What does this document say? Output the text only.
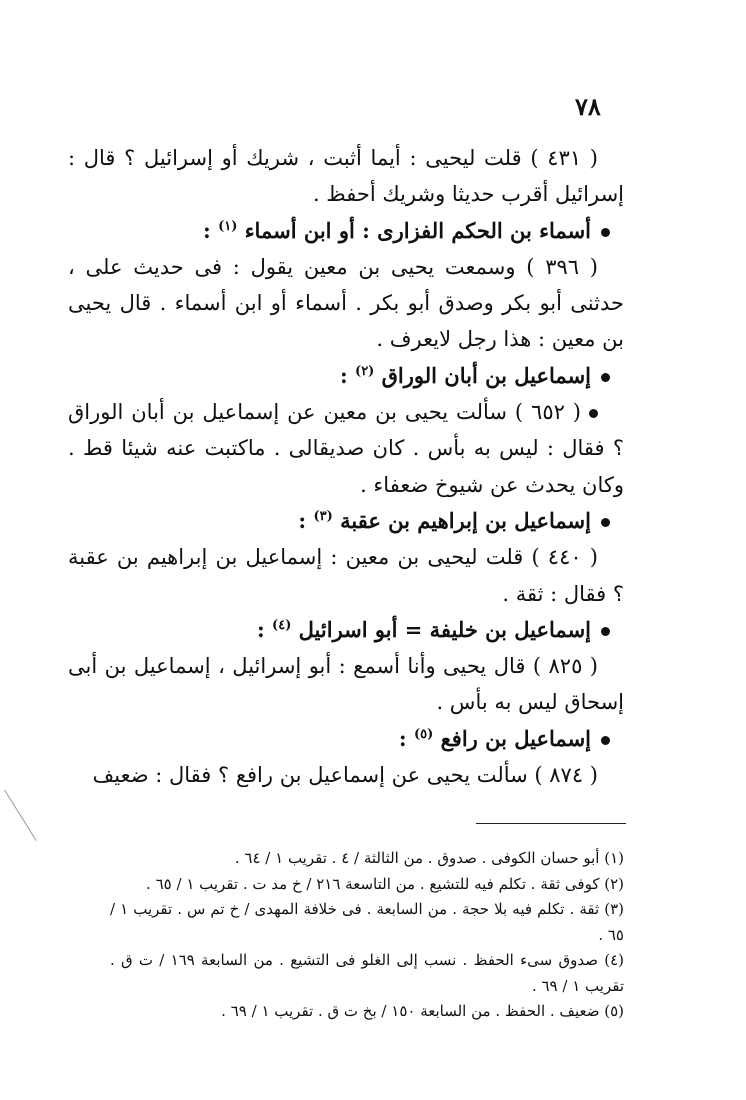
٧٨

( ٤٣١ ) قلت ليحيى : أيما أثبت ، شريك أو إسرائيل ؟ قال : إسرائيل أقرب حديثا وشريك أحفظ .

أسماء بن الحكم الفزارى : أو ابن أسماء $^{(١)}$ :

( ٣٩٦ ) وسمعت يحيى بن معين يقول : فى حديث على ، حدثنى أبو بكر وصدق أبو بكر . أسماء أو ابن أسماء . قال يحيى بن معين : هذا رجل لايعرف .

إسماعيل بن أبان الوراق $^{(٢)}$ :

( ٦٥٢ ) سألت يحيى بن معين عن إسماعيل بن أبان الوراق ؟ فقال : ليس به بأس . كان صديقالى . ماكتبت عنه شيئا قط . وكان يحدث عن شيوخ ضعفاء .

إسماعيل بن إبراهيم بن عقبة $^{(٣)}$ :

( ٤٤٠ ) قلت ليحيى بن معين : إسماعيل بن إبراهيم بن عقبة ؟ فقال : ثقة .

إسماعيل بن خليفة = أبو اسرائيل $^{(٤)}$ :

( ٨٢٥ ) قال يحيى وأنا أسمع : أبو إسرائيل ، إسماعيل بن أبى إسحاق ليس به بأس .

إسماعيل بن رافع $^{(٥)}$ :

( ٨٧٤ ) سألت يحيى عن إسماعيل بن رافع ؟ فقال : ضعيف

(١) أبو حسان الكوفى . صدوق . من الثالثة / ٤ . تقريب ١ / ٦٤ .

(٢) كوفى ثقة . تكلم فيه للتشيع . من التاسعة ٢١٦ / خ مد ت . تقريب ١ / ٦٥ .

(٣) ثقة . تكلم فيه بلا حجة . من السابعة . فى خلافة المهدى / خ تم س . تقريب ١ / ٦٥ .

(٤) صدوق سىء الحفظ . نسب إلى الغلو فى التشيع . من السابعة ١٦٩ / ت ق . تقريب ١ / ٦٩ .

(٥) ضعيف . الحفظ . من السابعة ١٥٠ / بخ ت ق . تقريب ١ / ٦٩ .
